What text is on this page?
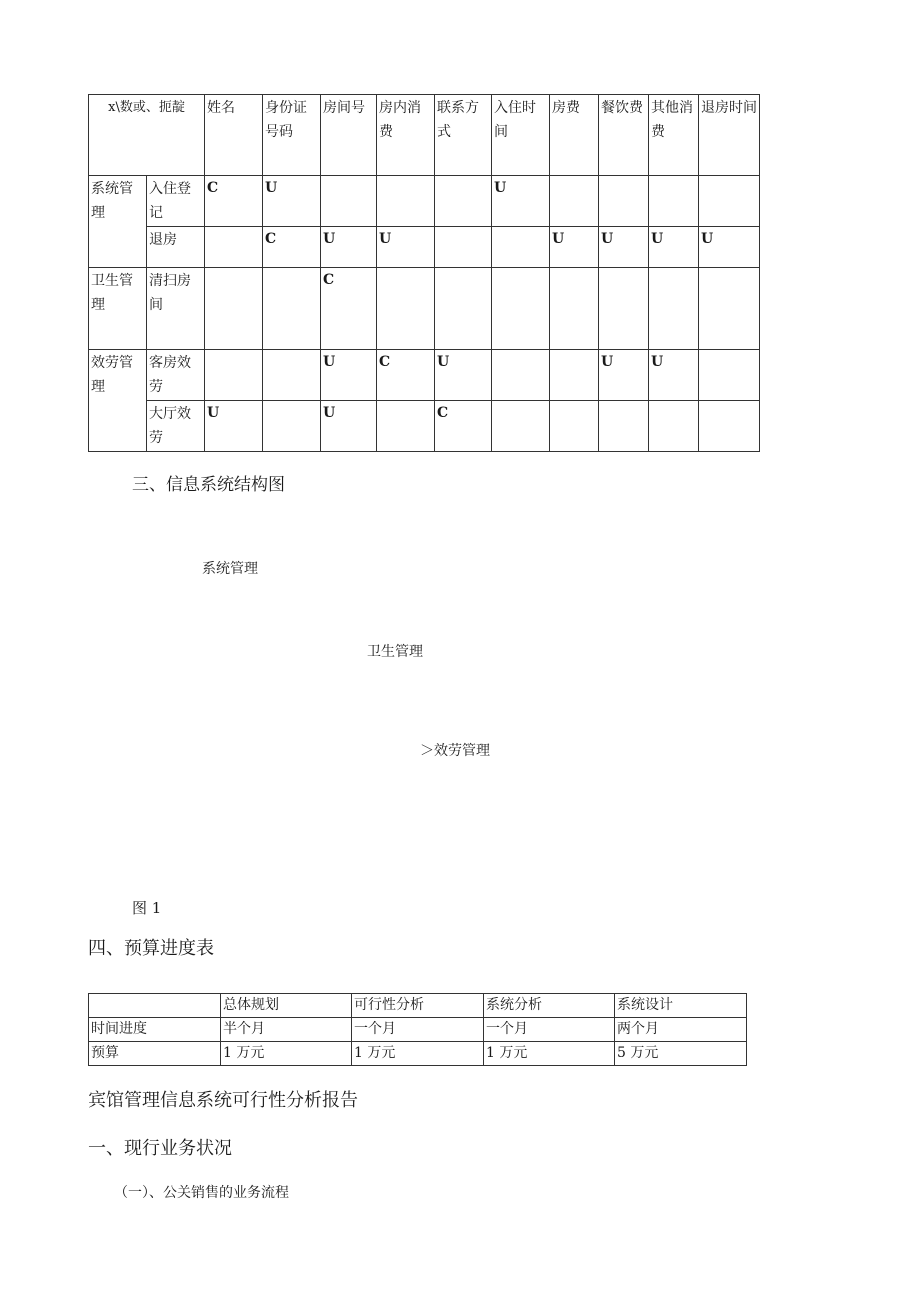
x\数或、扼靛		姓名	身份证号码	房间号	房内消费	联系方式	入住时间	房费	餐饮费	其他消费	退房时间
系统管理	入住登记	C	U				U				
	退房		C	U	U			U	U	U	U
卫生管理	清扫房间			C							
效劳管理	客房效劳			U	C	U			U	U	
	大厅效劳	U		U		C					
三、信息系统结构图
系统管理
卫生管理
＞效劳管理
图 1
四、预算进度表
	总体规划	可行性分析	系统分析	系统设计
时间进度	半个月	一个月	一个月	两个月
预算	1 万元	1 万元	1 万元	5 万元
宾馆管理信息系统可行性分析报告
一、现行业务状况
（一）、公关销售的业务流程
